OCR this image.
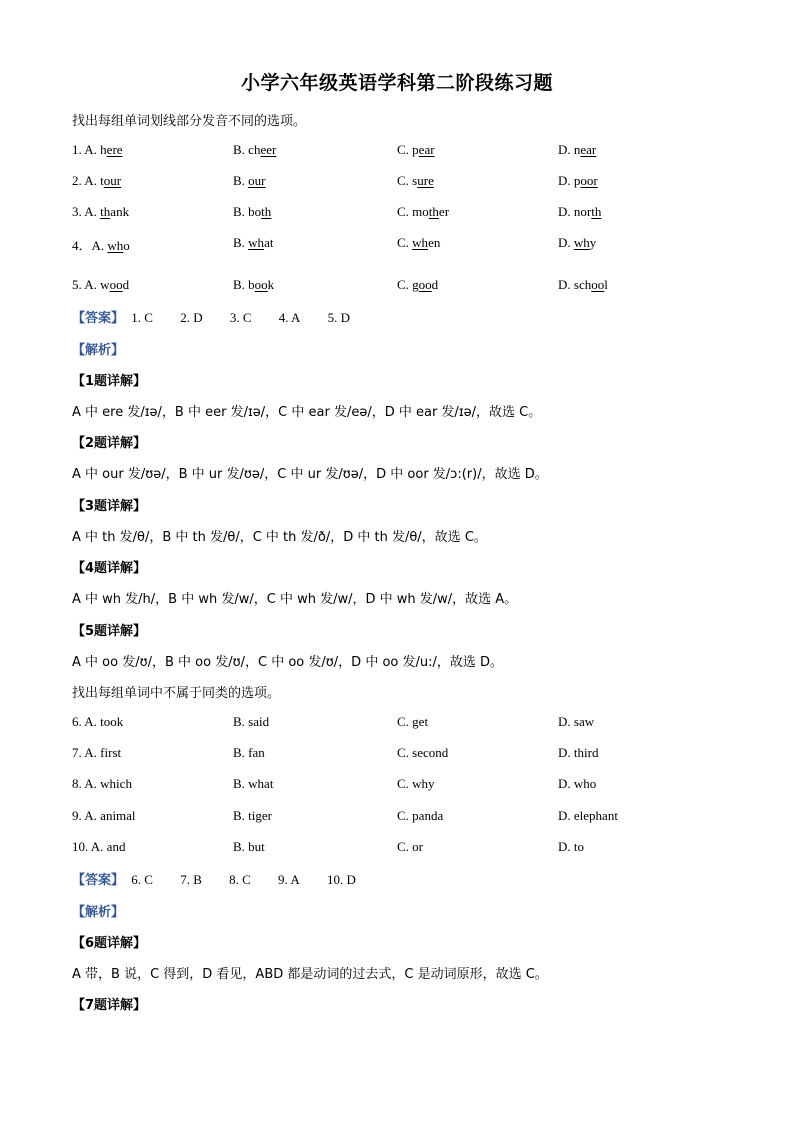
小学六年级英语学科第二阶段练习题
找出每组单词划线部分发音不同的选项。
1. A. here	B. cheer	C. pear	D. near
2. A. tour	B. our	C. sure	D. poor
3. A. thank	B. both	C. mother	D. north
4．A. who	B. what	C. when	D. why
5. A. wood	B. book	C. good	D. school
【答案】 1. C 2. D 3. C 4. A 5. D
【解析】
【1题详解】
A 中 ere 发/ɪə/，B 中 eer 发/ɪə/，C 中 ear 发/eə/，D 中 ear 发/ɪə/，故选 C。
【2题详解】
A 中 our 发/ʊə/，B 中 ur 发/ʊə/，C 中 ur 发/ʊə/，D 中 oor 发/ɔ:(r)/，故选 D。
【3题详解】
A 中 th 发/θ/，B 中 th 发/θ/，C 中 th 发/ð/，D 中 th 发/θ/，故选 C。
【4题详解】
A 中 wh 发/h/，B 中 wh 发/w/，C 中 wh 发/w/，D 中 wh 发/w/，故选 A。
【5题详解】
A 中 oo 发/ʊ/，B 中 oo 发/ʊ/，C 中 oo 发/ʊ/，D 中 oo 发/u:/，故选 D。
找出每组单词中不属于同类的选项。
6. A. took	B. said	C. get	D. saw
7. A. first	B. fan	C. second	D. third
8. A. which	B. what	C. why	D. who
9. A. animal	B. tiger	C. panda	D. elephant
10. A. and	B. but	C. or	D. to
【答案】 6. C 7. B 8. C 9. A 10. D
【解析】
【6题详解】
A 带，B 说，C 得到，D 看见，ABD 都是动词的过去式，C 是动词原形，故选 C。
【7题详解】
